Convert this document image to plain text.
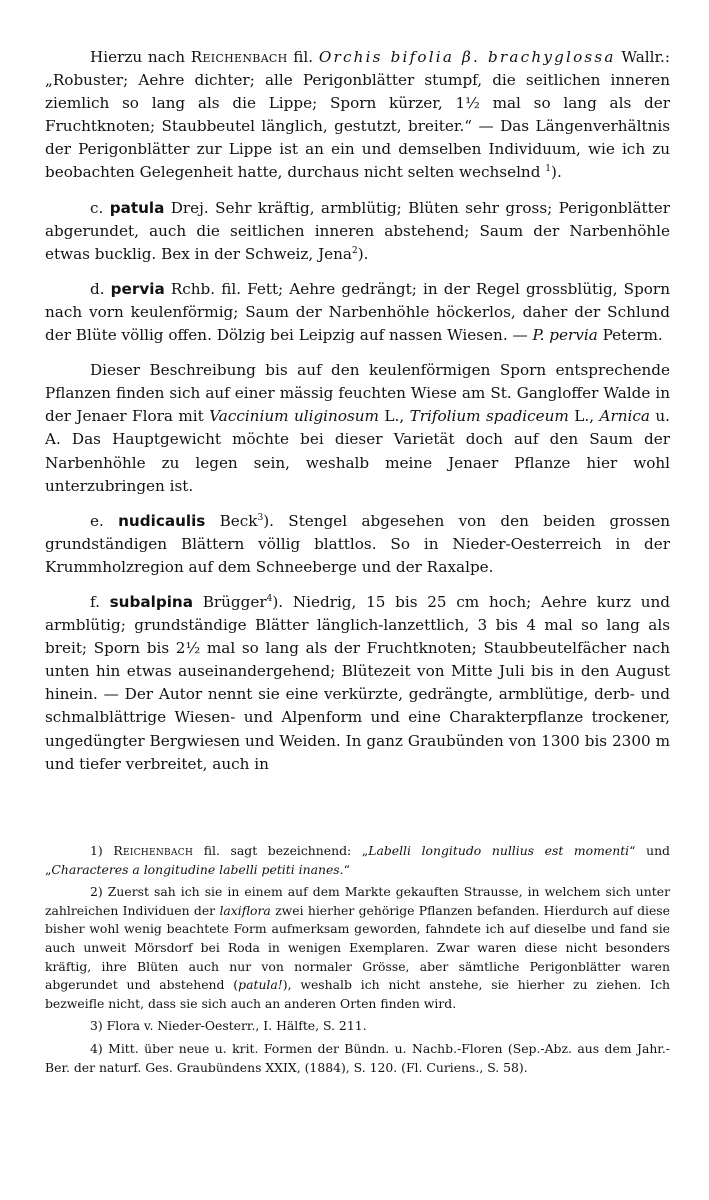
Hierzu nach Reichenbach fil. Orchis bifolia β. brachyglossa Wallr.: „Robuster; Aehre dichter; alle Perigonblätter stumpf, die seitlichen inneren ziemlich so lang als die Lippe; Sporn kürzer, 1½ mal so lang als der Fruchtknoten; Staubbeutel länglich, gestutzt, breiter.“ — Das Längenverhältnis der Perigonblätter zur Lippe ist an ein und demselben Individuum, wie ich zu beobachten Gelegenheit hatte, durchaus nicht selten wechselnd $^1$).

c. patula Drej. Sehr kräftig, armblütig; Blüten sehr gross; Perigonblätter abgerundet, auch die seitlichen inneren abstehend; Saum der Narbenhöhle etwas bucklig. Bex in der Schweiz, Jena$^2$).

d. pervia Rchb. fil. Fett; Aehre gedrängt; in der Regel grossblütig, Sporn nach vorn keulenförmig; Saum der Narbenhöhle höckerlos, daher der Schlund der Blüte völlig offen. Dölzig bei Leipzig auf nassen Wiesen. — P. pervia Peterm.

Dieser Beschreibung bis auf den keulenförmigen Sporn entsprechende Pflanzen finden sich auf einer mässig feuchten Wiese am St. Gangloffer Walde in der Jenaer Flora mit Vaccinium uliginosum L., Trifolium spadiceum L., Arnica u. A. Das Hauptgewicht möchte bei dieser Varietät doch auf den Saum der Narbenhöhle zu legen sein, weshalb meine Jenaer Pflanze hier wohl unterzubringen ist.

e. nudicaulis Beck$^3$). Stengel abgesehen von den beiden grossen grundständigen Blättern völlig blattlos. So in Nieder-Oesterreich in der Krummholzregion auf dem Schneeberge und der Raxalpe.

f. subalpina Brügger$^4$). Niedrig, 15 bis 25 cm hoch; Aehre kurz und armblütig; grundständige Blätter länglich-lanzettlich, 3 bis 4 mal so lang als breit; Sporn bis 2½ mal so lang als der Fruchtknoten; Staubbeutelfächer nach unten hin etwas auseinandergehend; Blütezeit von Mitte Juli bis in den August hinein. — Der Autor nennt sie eine verkürzte, gedrängte, armblütige, derb- und schmalblättrige Wiesen- und Alpenform und eine Charakterpflanze trockener, ungedüngter Bergwiesen und Weiden. In ganz Graubünden von 1300 bis 2300 m und tiefer verbreitet, auch in

1) Reichenbach fil. sagt bezeichnend: „Labelli longitudo nullius est momenti“ und „Characteres a longitudine labelli petiti inanes.“

2) Zuerst sah ich sie in einem auf dem Markte gekauften Strausse, in welchem sich unter zahlreichen Individuen der laxiflora zwei hierher gehörige Pflanzen befanden. Hierdurch auf diese bisher wohl wenig beachtete Form aufmerksam geworden, fahndete ich auf dieselbe und fand sie auch unweit Mörsdorf bei Roda in wenigen Exemplaren. Zwar waren diese nicht besonders kräftig, ihre Blüten auch nur von normaler Grösse, aber sämtliche Perigonblätter waren abgerundet und abstehend (patula!), weshalb ich nicht anstehe, sie hierher zu ziehen. Ich bezweifle nicht, dass sie sich auch an anderen Orten finden wird.

3) Flora v. Nieder-Oesterr., I. Hälfte, S. 211.

4) Mitt. über neue u. krit. Formen der Bündn. u. Nachb.-Floren (Sep.-Abz. aus dem Jahr.-Ber. der naturf. Ges. Graubündens XXIX, (1884), S. 120. (Fl. Curiens., S. 58).
